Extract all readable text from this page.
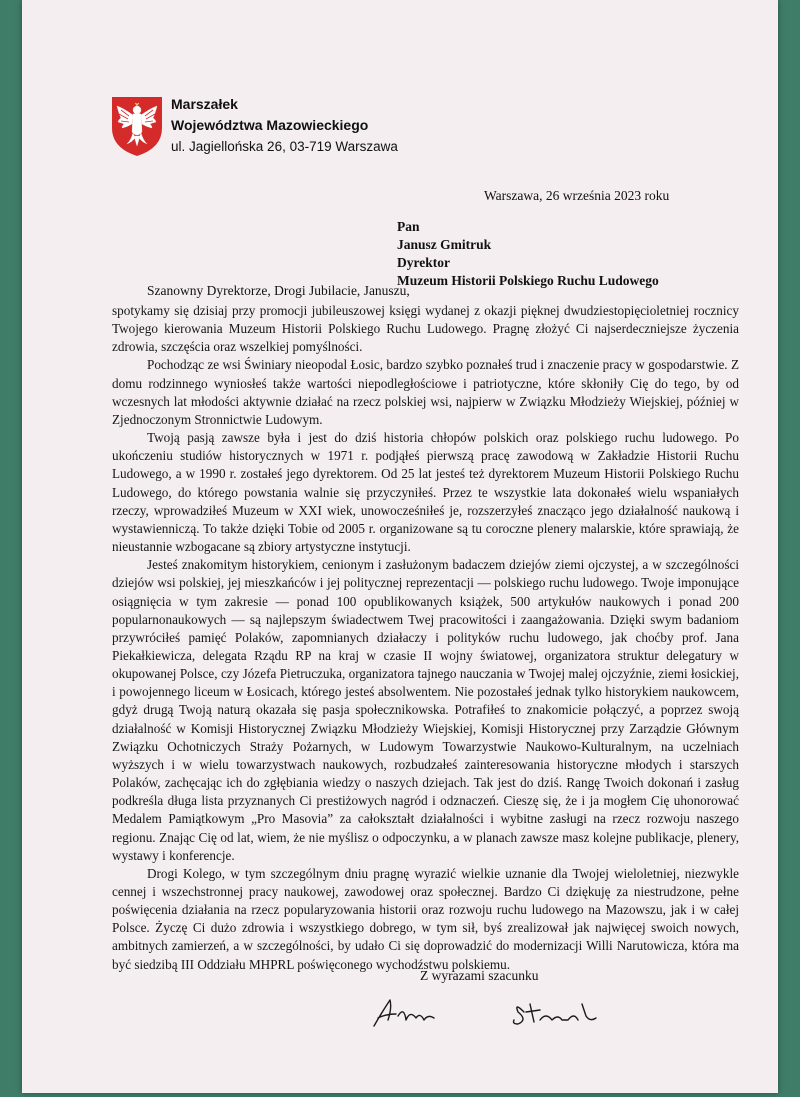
Marszałek
Województwa Mazowieckiego
ul. Jagiellońska 26, 03-719 Warszawa
Warszawa, 26 września 2023 roku
Pan
Janusz Gmitruk
Dyrektor
Muzeum Historii Polskiego Ruchu Ludowego
Szanowny Dyrektorze, Drogi Jubilacie, Januszu,

spotykamy się dzisiaj przy promocji jubileuszowej księgi wydanej z okazji pięknej dwudziestopięcioletniej rocznicy Twojego kierowania Muzeum Historii Polskiego Ruchu Ludowego. Pragnę złożyć Ci najserdeczniejsze życzenia zdrowia, szczęścia oraz wszelkiej pomyślności.

Pochodząc ze wsi Świniary nieopodal Łosic, bardzo szybko poznałeś trud i znaczenie pracy w gospodarstwie. Z domu rodzinnego wyniosłeś także wartości niepodległościowe i patriotyczne, które skłoniły Cię do tego, by od wczesnych lat młodości aktywnie działać na rzecz polskiej wsi, najpierw w Związku Młodzieży Wiejskiej, później w Zjednoczonym Stronnictwie Ludowym.

Twoją pasją zawsze była i jest do dziś historia chłopów polskich oraz polskiego ruchu ludowego. Po ukończeniu studiów historycznych w 1971 r. podjąłeś pierwszą pracę zawodową w Zakładzie Historii Ruchu Ludowego, a w 1990 r. zostałeś jego dyrektorem. Od 25 lat jesteś też dyrektorem Muzeum Historii Polskiego Ruchu Ludowego, do którego powstania walnie się przyczyniłeś. Przez te wszystkie lata dokonałeś wielu wspaniałych rzeczy, wprowadziłeś Muzeum w XXI wiek, unowocześniłeś je, rozszerzyłeś znacząco jego działalność naukową i wystawienniczą. To także dzięki Tobie od 2005 r. organizowane są tu coroczne plenery malarskie, które sprawiają, że nieustannie wzbogacane są zbiory artystyczne instytucji.

Jesteś znakomitym historykiem, cenionym i zasłużonym badaczem dziejów ziemi ojczystej, a w szczególności dziejów wsi polskiej, jej mieszkańców i jej politycznej reprezentacji — polskiego ruchu ludowego. Twoje imponujące osiągnięcia w tym zakresie — ponad 100 opublikowanych książek, 500 artykułów naukowych i ponad 200 popularnonaukowych — są najlepszym świadectwem Twej pracowitości i zaangażowania. Dzięki swym badaniom przywróciłeś pamięć Polaków, zapomnianych działaczy i polityków ruchu ludowego, jak choćby prof. Jana Piekałkiewicza, delegata Rządu RP na kraj w czasie II wojny światowej, organizatora struktur delegatury w okupowanej Polsce, czy Józefa Pietruczuka, organizatora tajnego nauczania w Twojej malej ojczyźnie, ziemi łosickiej, i powojennego liceum w Łosicach, którego jesteś absolwentem. Nie pozostałeś jednak tylko historykiem naukowcem, gdyż drugą Twoją naturą okazała się pasja społecznikowska. Potrafiłeś to znakomicie połączyć, a poprzez swoją działalność w Komisji Historycznej Związku Młodzieży Wiejskiej, Komisji Historycznej przy Zarządzie Głównym Związku Ochotniczych Straży Pożarnych, w Ludowym Towarzystwie Naukowo-Kulturalnym, na uczelniach wyższych i w wielu towarzystwach naukowych, rozbudzałeś zainteresowania historyczne młodych i starszych Polaków, zachęcając ich do zgłębiania wiedzy o naszych dziejach. Tak jest do dziś. Rangę Twoich dokonań i zasług podkreśla długa lista przyznanych Ci prestiżowych nagród i odznaczeń. Cieszę się, że i ja mogłem Cię uhonorować Medalem Pamiątkowym „Pro Masovia” za całokształt działalności i wybitne zasługi na rzecz rozwoju naszego regionu. Znając Cię od lat, wiem, że nie myślisz o odpoczynku, a w planach zawsze masz kolejne publikacje, plenery, wystawy i konferencje.

Drogi Kolego, w tym szczególnym dniu pragnę wyrazić wielkie uznanie dla Twojej wieloletniej, niezwykle cennej i wszechstronnej pracy naukowej, zawodowej oraz społecznej. Bardzo Ci dziękuję za niestrudzone, pełne poświęcenia działania na rzecz popularyzowania historii oraz rozwoju ruchu ludowego na Mazowszu, jak i w całej Polsce. Życzę Ci dużo zdrowia i wszystkiego dobrego, w tym sił, byś zrealizował jak najwięcej swoich nowych, ambitnych zamierzeń, a w szczególności, by udało Ci się doprowadzić do modernizacji Willi Narutowicza, która ma być siedzibą III Oddziału MHPRL poświęconego wychodźstwu polskiemu.

Z wyrazami szacunku
